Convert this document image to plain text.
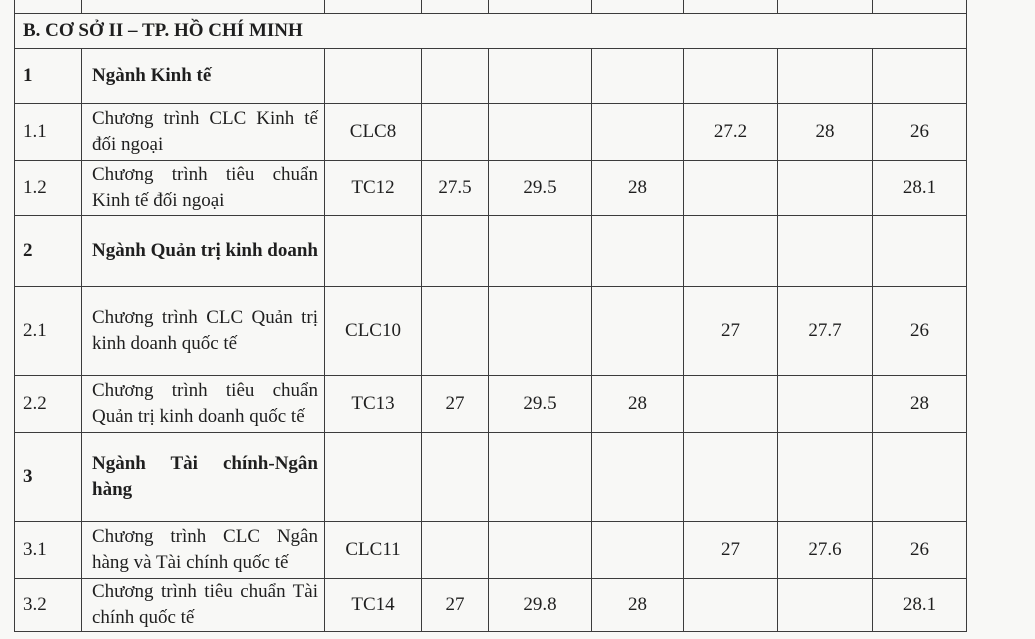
B. CƠ SỞ II – TP. HỒ CHÍ MINH								
1	Ngành Kinh tế							
1.1	Chương trình CLC Kinh tế đối ngoại	CLC8				27.2	28	26
1.2	Chương trình tiêu chuẩn Kinh tế đối ngoại	TC12	27.5	29.5	28			28.1
2	Ngành Quản trị kinh doanh							
2.1	Chương trình CLC Quản trị kinh doanh quốc tế	CLC10				27	27.7	26
2.2	Chương trình tiêu chuẩn Quản trị kinh doanh quốc tế	TC13	27	29.5	28			28
3	Ngành Tài chính-Ngân hàng							
3.1	Chương trình CLC Ngân hàng và Tài chính quốc tế	CLC11				27	27.6	26
3.2	Chương trình tiêu chuẩn Tài chính quốc tế	TC14	27	29.8	28			28.1
